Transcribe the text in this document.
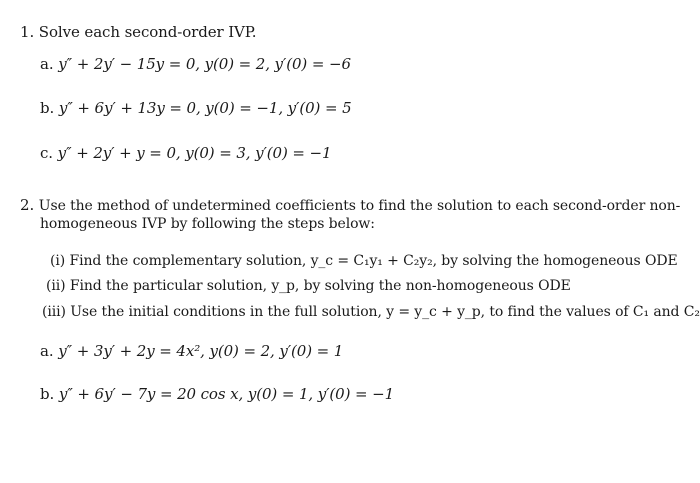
1. Solve each second-order IVP.
a. y″ + 2y′ − 15y = 0, y(0) = 2, y′(0) = −6
b. y″ + 6y′ + 13y = 0, y(0) = −1, y′(0) = 5
c. y″ + 2y′ + y = 0, y(0) = 3, y′(0) = −1
2. Use the method of undetermined coefficients to find the solution to each second-order non-
homogeneous IVP by following the steps below:
(i) Find the complementary solution, y_c = C₁y₁ + C₂y₂, by solving the homogeneous ODE
(ii) Find the particular solution, y_p, by solving the non-homogeneous ODE
(iii) Use the initial conditions in the full solution, y = y_c + y_p, to find the values of C₁ and C₂
a. y″ + 3y′ + 2y = 4x², y(0) = 2, y′(0) = 1
b. y″ + 6y′ − 7y = 20 cos x, y(0) = 1, y′(0) = −1
